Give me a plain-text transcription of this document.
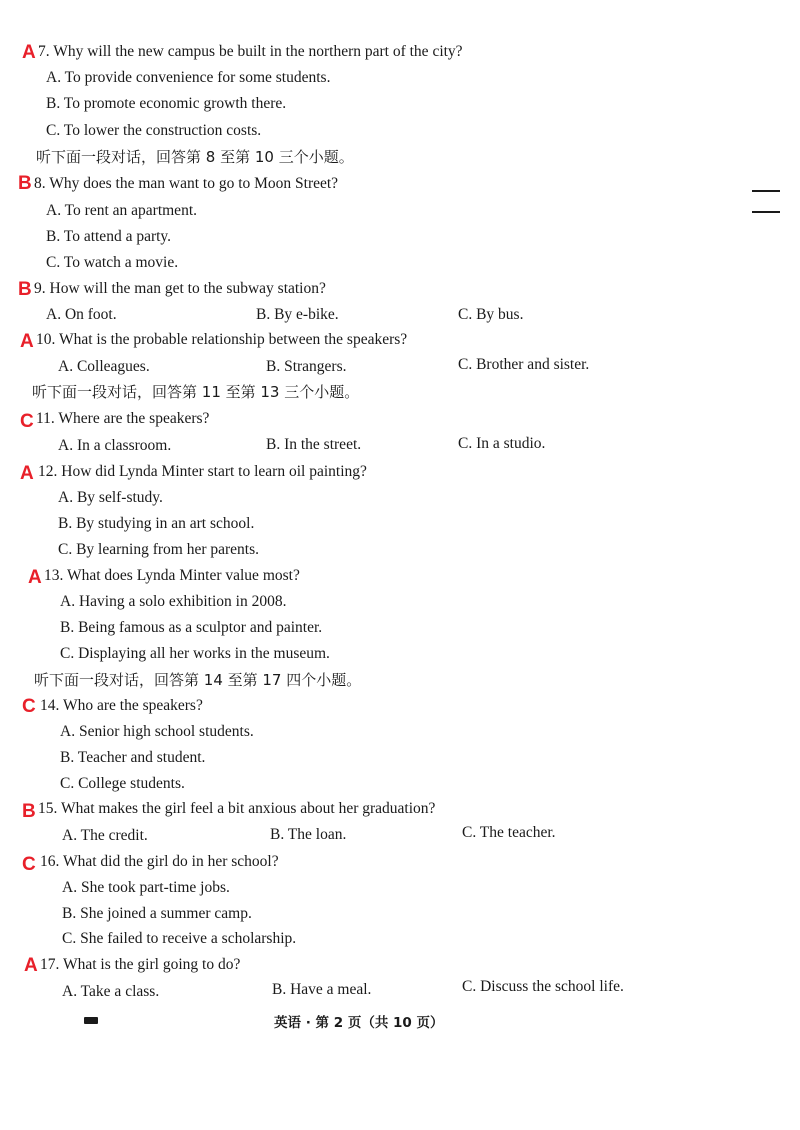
A 7. Why will the new campus be built in the northern part of the city?
A. To provide convenience for some students.
B. To promote economic growth there.
C. To lower the construction costs.
听下面一段对话，回答第 8 至第 10 三个小题。
B 8. Why does the man want to go to Moon Street?
A. To rent an apartment.
B. To attend a party.
C. To watch a movie.
B 9. How will the man get to the subway station?
A. On foot.	B. By e-bike.	C. By bus.
A 10. What is the probable relationship between the speakers?
A. Colleagues.	B. Strangers.	C. Brother and sister.
听下面一段对话，回答第 11 至第 13 三个小题。
C 11. Where are the speakers?
A. In a classroom.	B. In the street.	C. In a studio.
A 12. How did Lynda Minter start to learn oil painting?
A. By self-study.
B. By studying in an art school.
C. By learning from her parents.
A 13. What does Lynda Minter value most?
A. Having a solo exhibition in 2008.
B. Being famous as a sculptor and painter.
C. Displaying all her works in the museum.
听下面一段对话，回答第 14 至第 17 四个小题。
C 14. Who are the speakers?
A. Senior high school students.
B. Teacher and student.
C. College students.
B 15. What makes the girl feel a bit anxious about her graduation?
A. The credit.	B. The loan.	C. The teacher.
C 16. What did the girl do in her school?
A. She took part-time jobs.
B. She joined a summer camp.
C. She failed to receive a scholarship.
A 17. What is the girl going to do?
A. Take a class.	B. Have a meal.	C. Discuss the school life.
英语 · 第 2 页（共 10 页）
